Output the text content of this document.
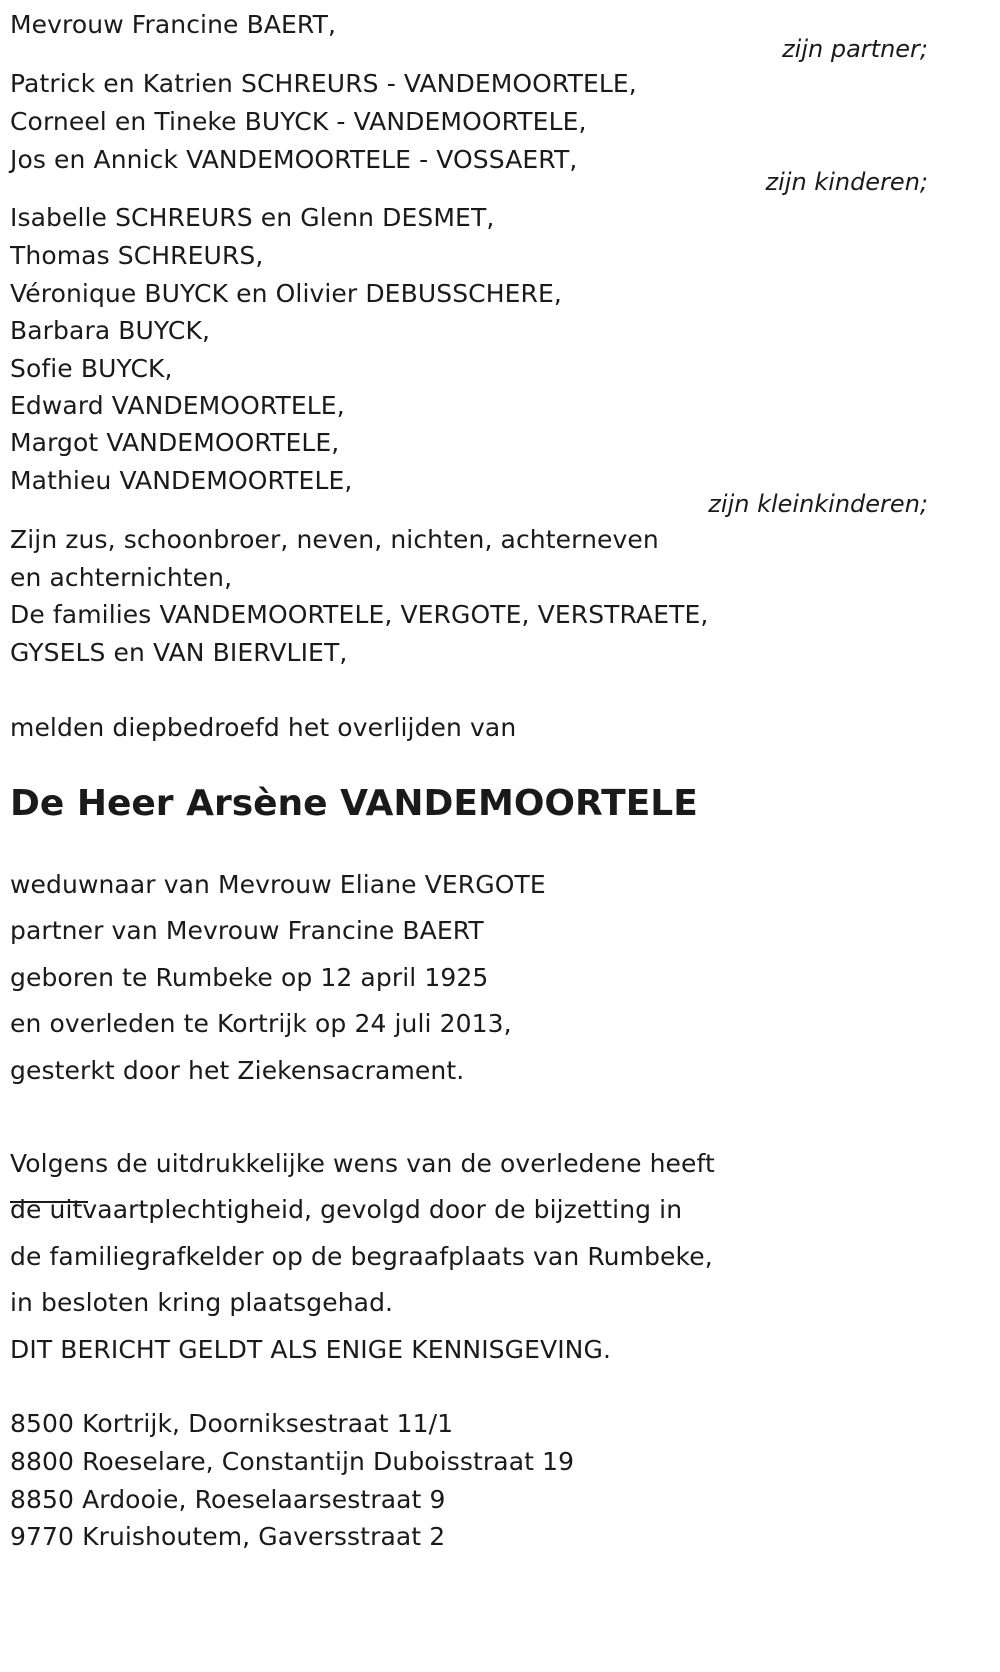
Mevrouw Francine BAERT,
zijn partner;
Patrick en Katrien SCHREURS - VANDEMOORTELE,
Corneel en Tineke BUYCK - VANDEMOORTELE,
Jos en Annick VANDEMOORTELE - VOSSAERT,
zijn kinderen;
Isabelle SCHREURS en Glenn DESMET,
Thomas SCHREURS,
Véronique BUYCK en Olivier DEBUSSCHERE,
Barbara BUYCK,
Sofie BUYCK,
Edward VANDEMOORTELE,
Margot VANDEMOORTELE,
Mathieu VANDEMOORTELE,
zijn kleinkinderen;
Zijn zus, schoonbroer, neven, nichten, achterneven
en achternichten,
De families VANDEMOORTELE, VERGOTE, VERSTRAETE,
GYSELS en VAN BIERVLIET,
melden diepbedroefd het overlijden van
De Heer Arsène VANDEMOORTELE
weduwnaar van Mevrouw Eliane VERGOTE
partner van Mevrouw Francine BAERT
geboren te Rumbeke op 12 april 1925
en overleden te Kortrijk op 24 juli 2013,
gesterkt door het Ziekensacrament.
Volgens de uitdrukkelijke wens van de overledene heeft
de uitvaartplechtigheid, gevolgd door de bijzetting in
de familiegrafkelder op de begraafplaats van Rumbeke,
in besloten kring plaatsgehad.
DIT BERICHT GELDT ALS ENIGE KENNISGEVING.
8500 Kortrijk, Doorniksestraat 11/1
8800 Roeselare, Constantijn Duboisstraat 19
8850 Ardooie, Roeselaarsestraat 9
9770 Kruishoutem, Gaversstraat 2
